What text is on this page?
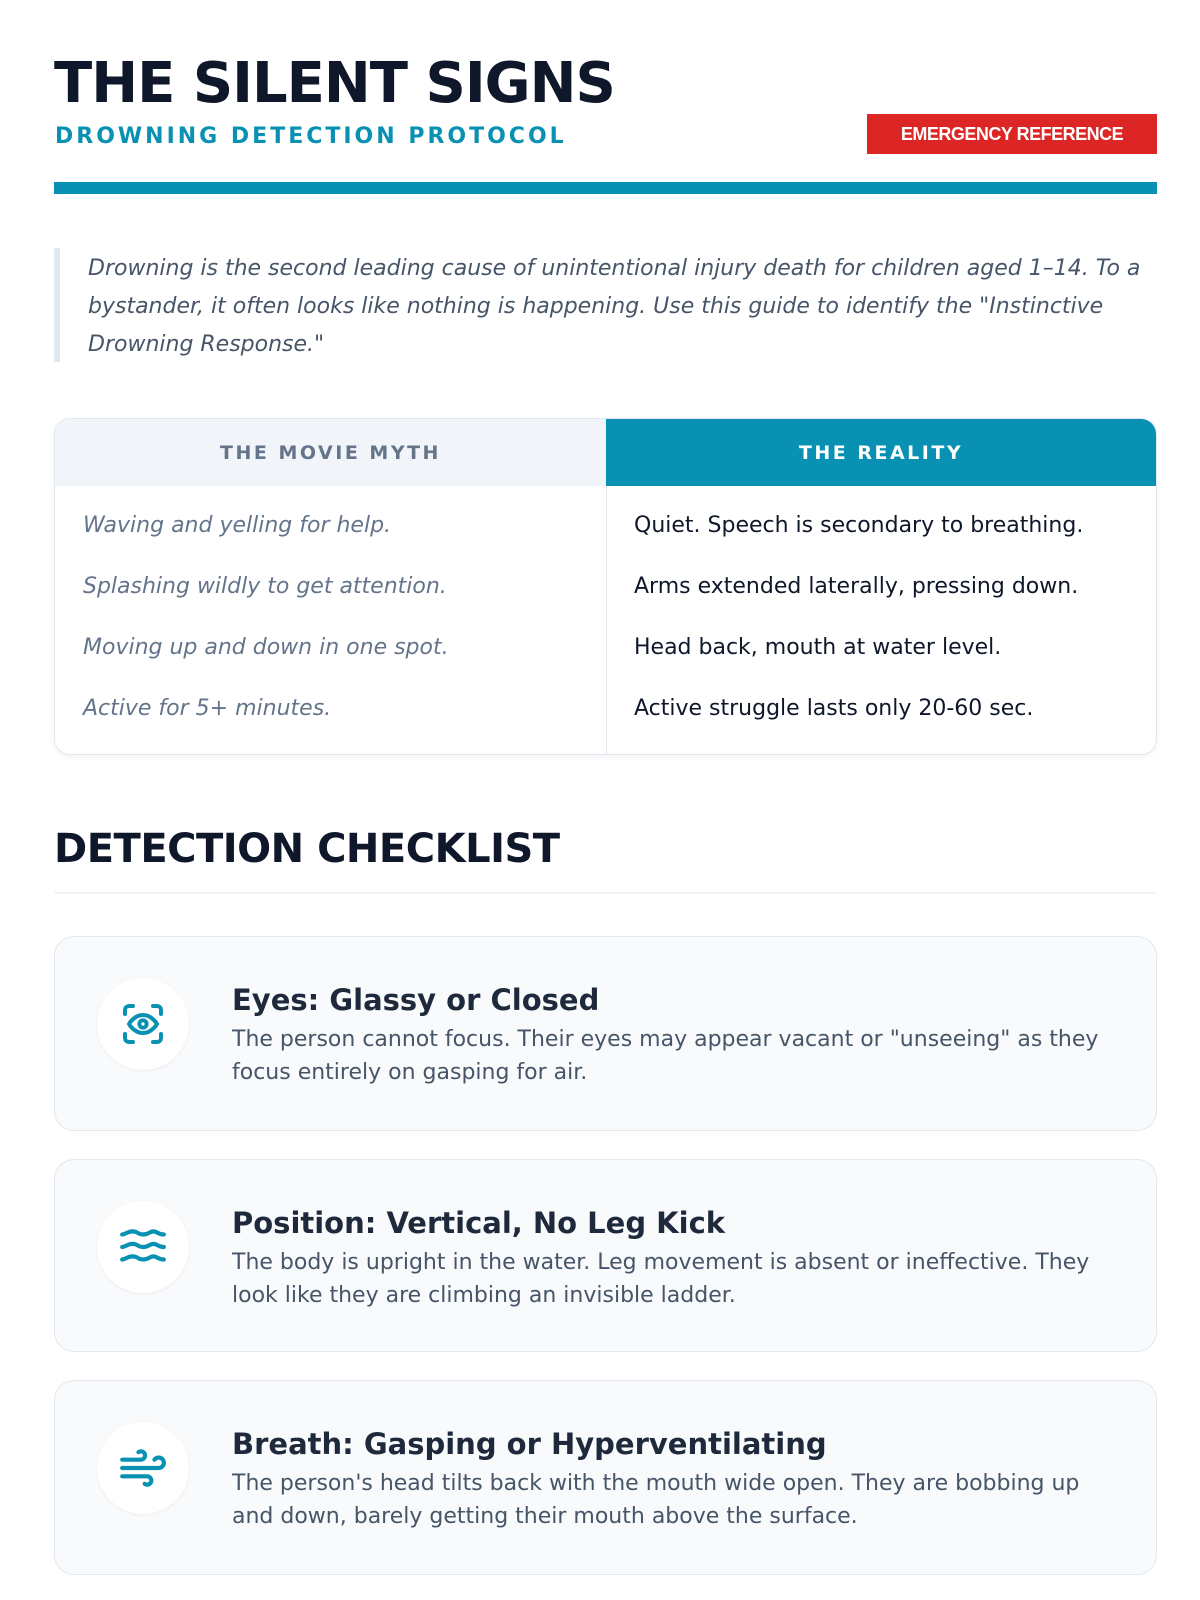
THE SILENT SIGNS
DROWNING DETECTION PROTOCOL	EMERGENCY REFERENCE
Drowning is the second leading cause of unintentional injury death for children aged 1–14. To a bystander, it often looks like nothing is happening. Use this guide to identify the "Instinctive Drowning Response."
THE MOVIE MYTH
Waving and yelling for help.
Splashing wildly to get attention.
Moving up and down in one spot.
Active for 5+ minutes.
THE REALITY
Quiet. Speech is secondary to breathing.
Arms extended laterally, pressing down.
Head back, mouth at water level.
Active struggle lasts only 20-60 sec.
DETECTION CHECKLIST
Eyes: Glassy or Closed
The person cannot focus. Their eyes may appear vacant or "unseeing" as they focus entirely on gasping for air.
Position: Vertical, No Leg Kick
The body is upright in the water. Leg movement is absent or ineffective. They look like they are climbing an invisible ladder.
Breath: Gasping or Hyperventilating
The person's head tilts back with the mouth wide open. They are bobbing up and down, barely getting their mouth above the surface.
